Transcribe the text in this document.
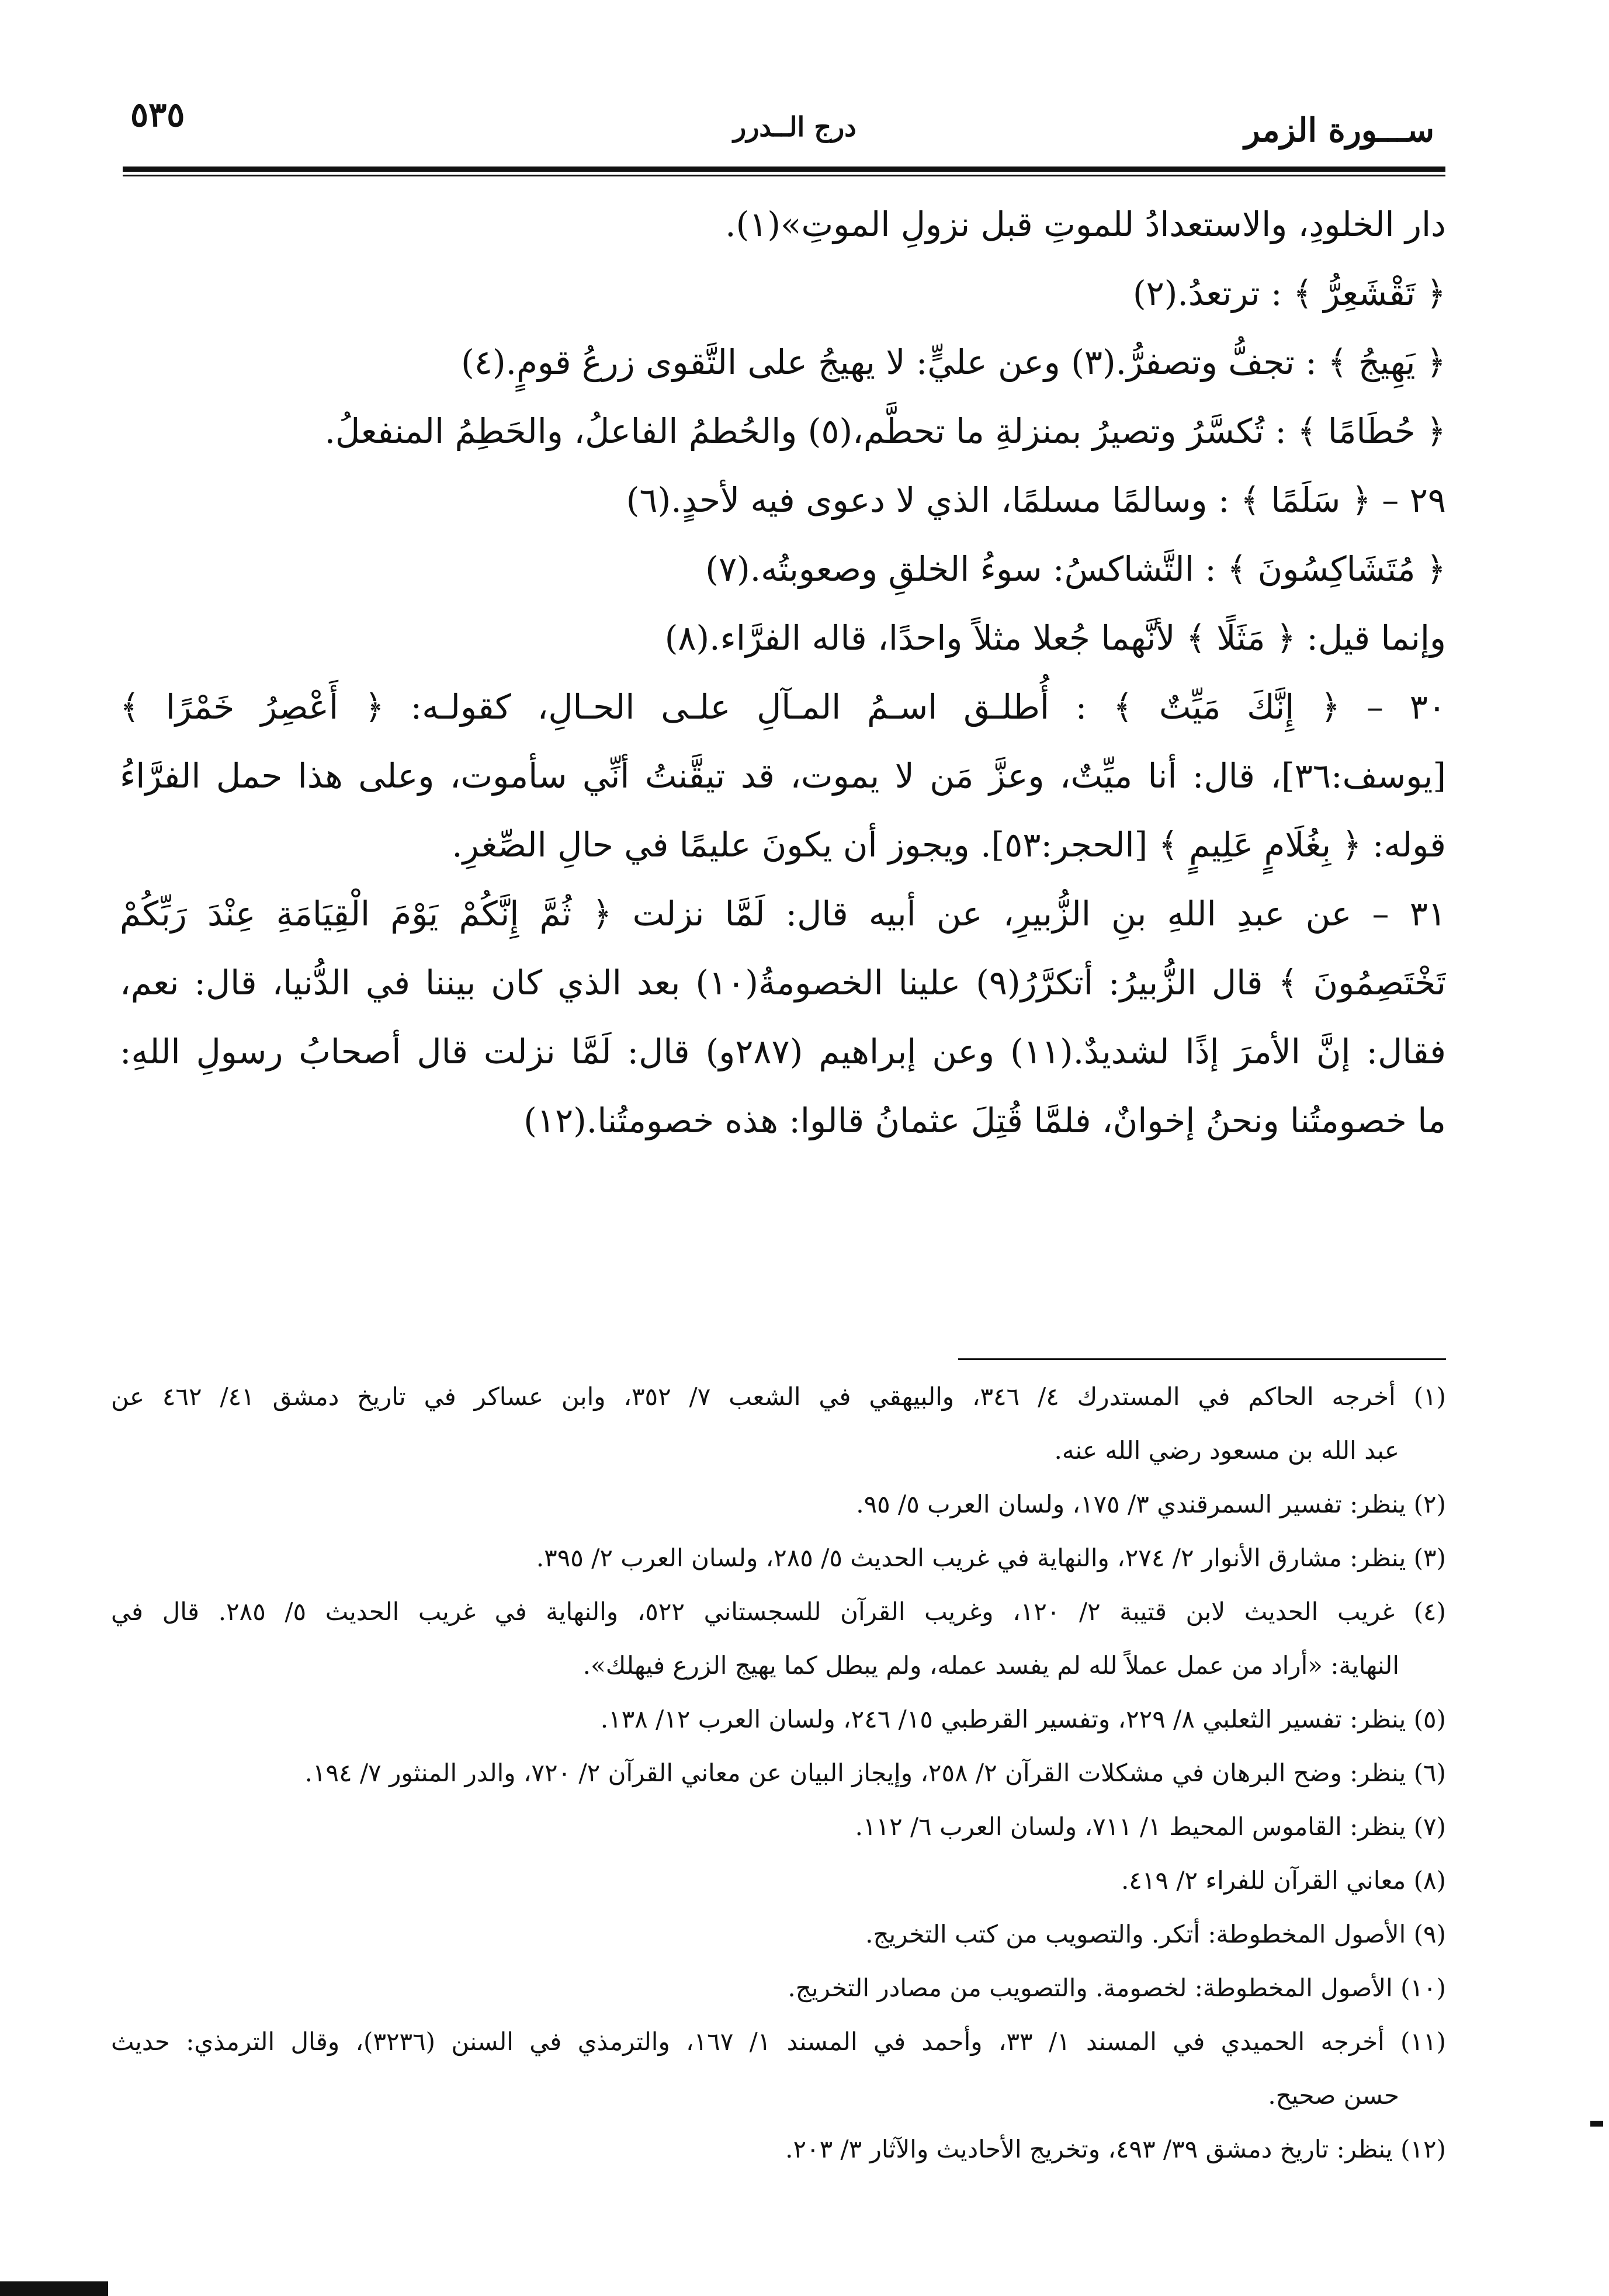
٥٣٥	درج الــدرر	ســـورة الزمر
دار الخلودِ، والاستعدادُ للموتِ قبل نزولِ الموتِ»(١).
﴿ تَقْشَعِرُّ ﴾ : ترتعدُ.(٢)
﴿ يَهِيجُ ﴾ : تجفُّ وتصفرُّ.(٣) وعن عليٍّ: لا يهيجُ على التَّقوى زرعُ قومٍ.(٤)
﴿ حُطَامًا ﴾ : تُكسَّرُ وتصيرُ بمنزلةِ ما تحطَّم،(٥) والحُطمُ الفاعلُ، والحَطِمُ المنفعلُ.
٢٩ – ﴿ سَلَمًا ﴾ : وسالمًا مسلمًا، الذي لا دعوى فيه لأحدٍ.(٦)
﴿ مُتَشَاكِسُونَ ﴾ : التَّشاكسُ: سوءُ الخلقِ وصعوبتُه.(٧)
وإنما قيل: ﴿ مَثَلًا ﴾ لأنَّهما جُعلا مثلاً واحدًا، قاله الفرَّاء.(٨)
٣٠ – ﴿ إِنَّكَ مَيِّتٌ ﴾ : أُطلـق اسـمُ المـآلِ علـى الحـالِ، كقولـه: ﴿ أَعْصِرُ خَمْرًا ﴾
[يوسف:٣٦]، قال: أنا ميِّتٌ، وعزَّ مَن لا يموت، قد تيقَّنتُ أنِّي سأموت، وعلى هذا حمل الفرَّاءُ
قوله: ﴿ بِغُلَامٍ عَلِيمٍ ﴾ [الحجر:٥٣]. ويجوز أن يكونَ عليمًا في حالِ الصِّغرِ.
٣١ – عن عبدِ اللهِ بنِ الزُّبيرِ، عن أبيه قال: لَمَّا نزلت ﴿ ثُمَّ إِنَّكُمْ يَوْمَ الْقِيَامَةِ عِنْدَ رَبِّكُمْ
تَخْتَصِمُونَ ﴾ قال الزُّبيرُ: أتكرَّرُ(٩) علينا الخصومةُ(١٠) بعد الذي كان بيننا في الدُّنيا، قال: نعم،
فقال: إنَّ الأمرَ إذًا لشديدٌ.(١١) وعن إبراهيم (٢٨٧و) قال: لَمَّا نزلت قال أصحابُ رسولِ اللهِ:
ما خصومتُنا ونحنُ إخوانٌ، فلمَّا قُتِلَ عثمانُ قالوا: هذه خصومتُنا.(١٢)
(١) أخرجه الحاكم في المستدرك ٤/ ٣٤٦، والبيهقي في الشعب ٧/ ٣٥٢، وابن عساكر في تاريخ دمشق ٤١/ ٤٦٢ عن
عبد الله بن مسعود رضي الله عنه.
(٢) ينظر: تفسير السمرقندي ٣/ ١٧٥، ولسان العرب ٥/ ٩٥.
(٣) ينظر: مشارق الأنوار ٢/ ٢٧٤، والنهاية في غريب الحديث ٥/ ٢٨٥، ولسان العرب ٢/ ٣٩٥.
(٤) غريب الحديث لابن قتيبة ٢/ ١٢٠، وغريب القرآن للسجستاني ٥٢٢، والنهاية في غريب الحديث ٥/ ٢٨٥. قال في
النهاية: «أراد من عمل عملاً لله لم يفسد عمله، ولم يبطل كما يهيج الزرع فيهلك».
(٥) ينظر: تفسير الثعلبي ٨/ ٢٢٩، وتفسير القرطبي ١٥/ ٢٤٦، ولسان العرب ١٢/ ١٣٨.
(٦) ينظر: وضح البرهان في مشكلات القرآن ٢/ ٢٥٨، وإيجاز البيان عن معاني القرآن ٢/ ٧٢٠، والدر المنثور ٧/ ١٩٤.
(٧) ينظر: القاموس المحيط ١/ ٧١١، ولسان العرب ٦/ ١١٢.
(٨) معاني القرآن للفراء ٢/ ٤١٩.
(٩) الأصول المخطوطة: أتكر. والتصويب من كتب التخريج.
(١٠) الأصول المخطوطة: لخصومة. والتصويب من مصادر التخريج.
(١١) أخرجه الحميدي في المسند ١/ ٣٣، وأحمد في المسند ١/ ١٦٧، والترمذي في السنن (٣٢٣٦)، وقال الترمذي: حديث
حسن صحيح.
(١٢) ينظر: تاريخ دمشق ٣٩/ ٤٩٣، وتخريج الأحاديث والآثار ٣/ ٢٠٣.
